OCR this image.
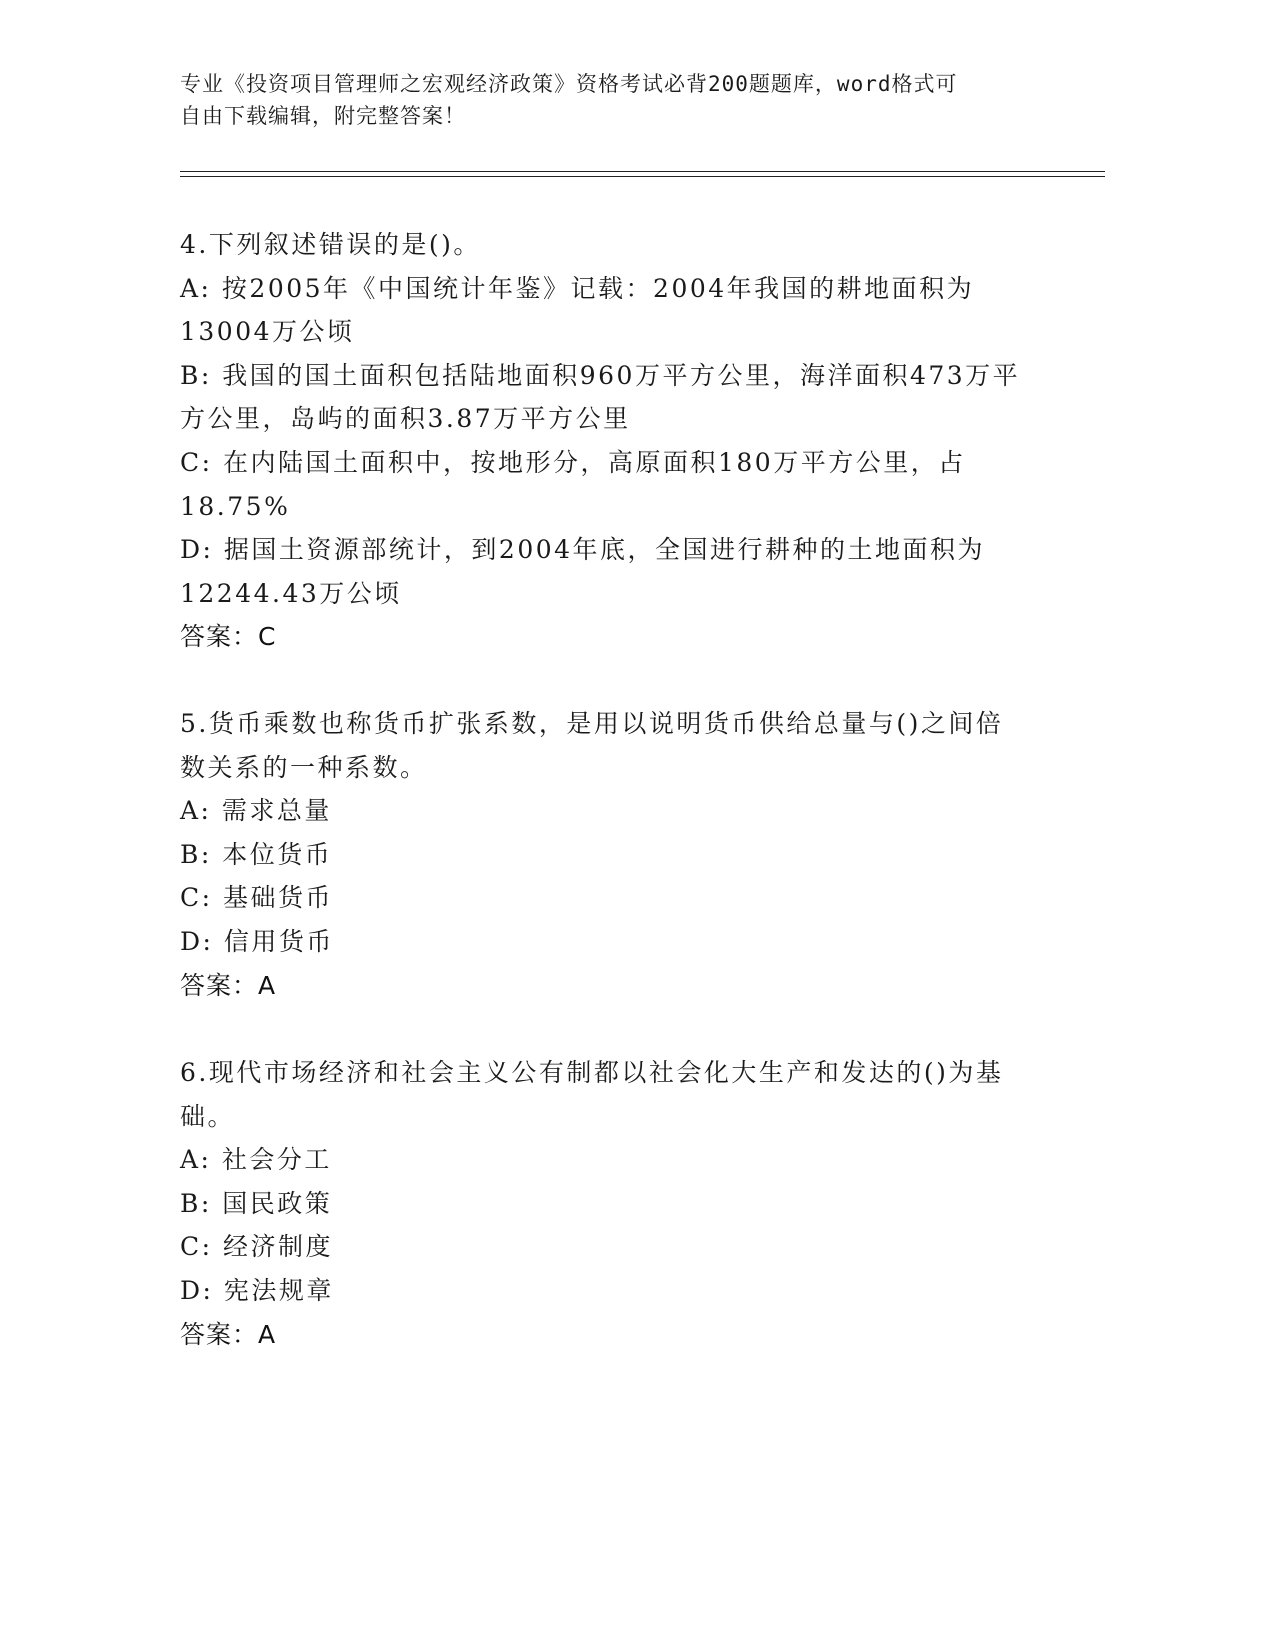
专业《投资项目管理师之宏观经济政策》资格考试必背200题题库，word格式可
自由下载编辑，附完整答案！
4.下列叙述错误的是()。
A: 按2005年《中国统计年鉴》记载：2004年我国的耕地面积为
13004万公顷
B: 我国的国土面积包括陆地面积960万平方公里，海洋面积473万平
方公里，岛屿的面积3.87万平方公里
C: 在内陆国土面积中，按地形分，高原面积180万平方公里，占
18.75%
D: 据国土资源部统计，到2004年底，全国进行耕种的土地面积为
12244.43万公顷
答案：C
5.货币乘数也称货币扩张系数，是用以说明货币供给总量与()之间倍
数关系的一种系数。
A: 需求总量
B: 本位货币
C: 基础货币
D: 信用货币
答案：A
6.现代市场经济和社会主义公有制都以社会化大生产和发达的()为基
础。
A: 社会分工
B: 国民政策
C: 经济制度
D: 宪法规章
答案：A
